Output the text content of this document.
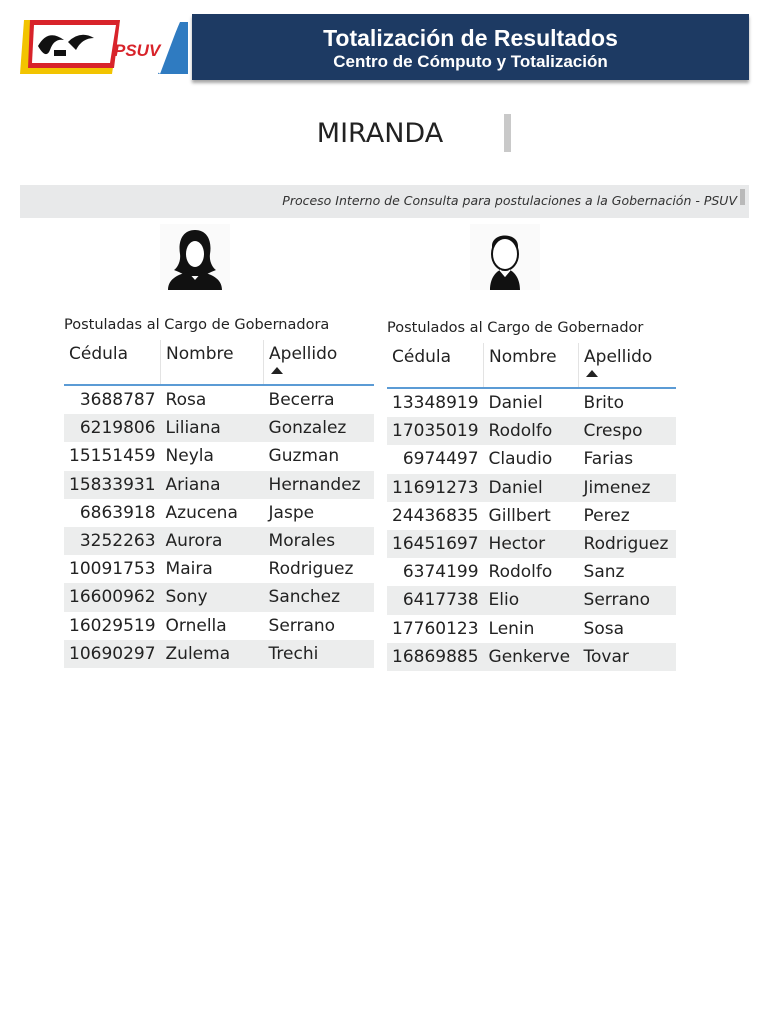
PSUV	Totalización de Resultados
Centro de Cómputo y Totalización
MIRANDA
Proceso Interno de Consulta para postulaciones a la Gobernación - PSUV
Postuladas al Cargo de Gobernadora
Cédula	Nombre	Apellido

3688787	Rosa	Becerra
6219806	Liliana	Gonzalez
15151459	Neyla	Guzman
15833931	Ariana	Hernandez
6863918	Azucena	Jaspe
3252263	Aurora	Morales
10091753	Maira	Rodriguez
16600962	Sony	Sanchez
16029519	Ornella	Serrano
10690297	Zulema	Trechi
Postulados al Cargo de Gobernador
Cédula	Nombre	Apellido

13348919	Daniel	Brito
17035019	Rodolfo	Crespo
6974497	Claudio	Farias
11691273	Daniel	Jimenez
24436835	Gillbert	Perez
16451697	Hector	Rodriguez
6374199	Rodolfo	Sanz
6417738	Elio	Serrano
17760123	Lenin	Sosa
16869885	Genkerve	Tovar
